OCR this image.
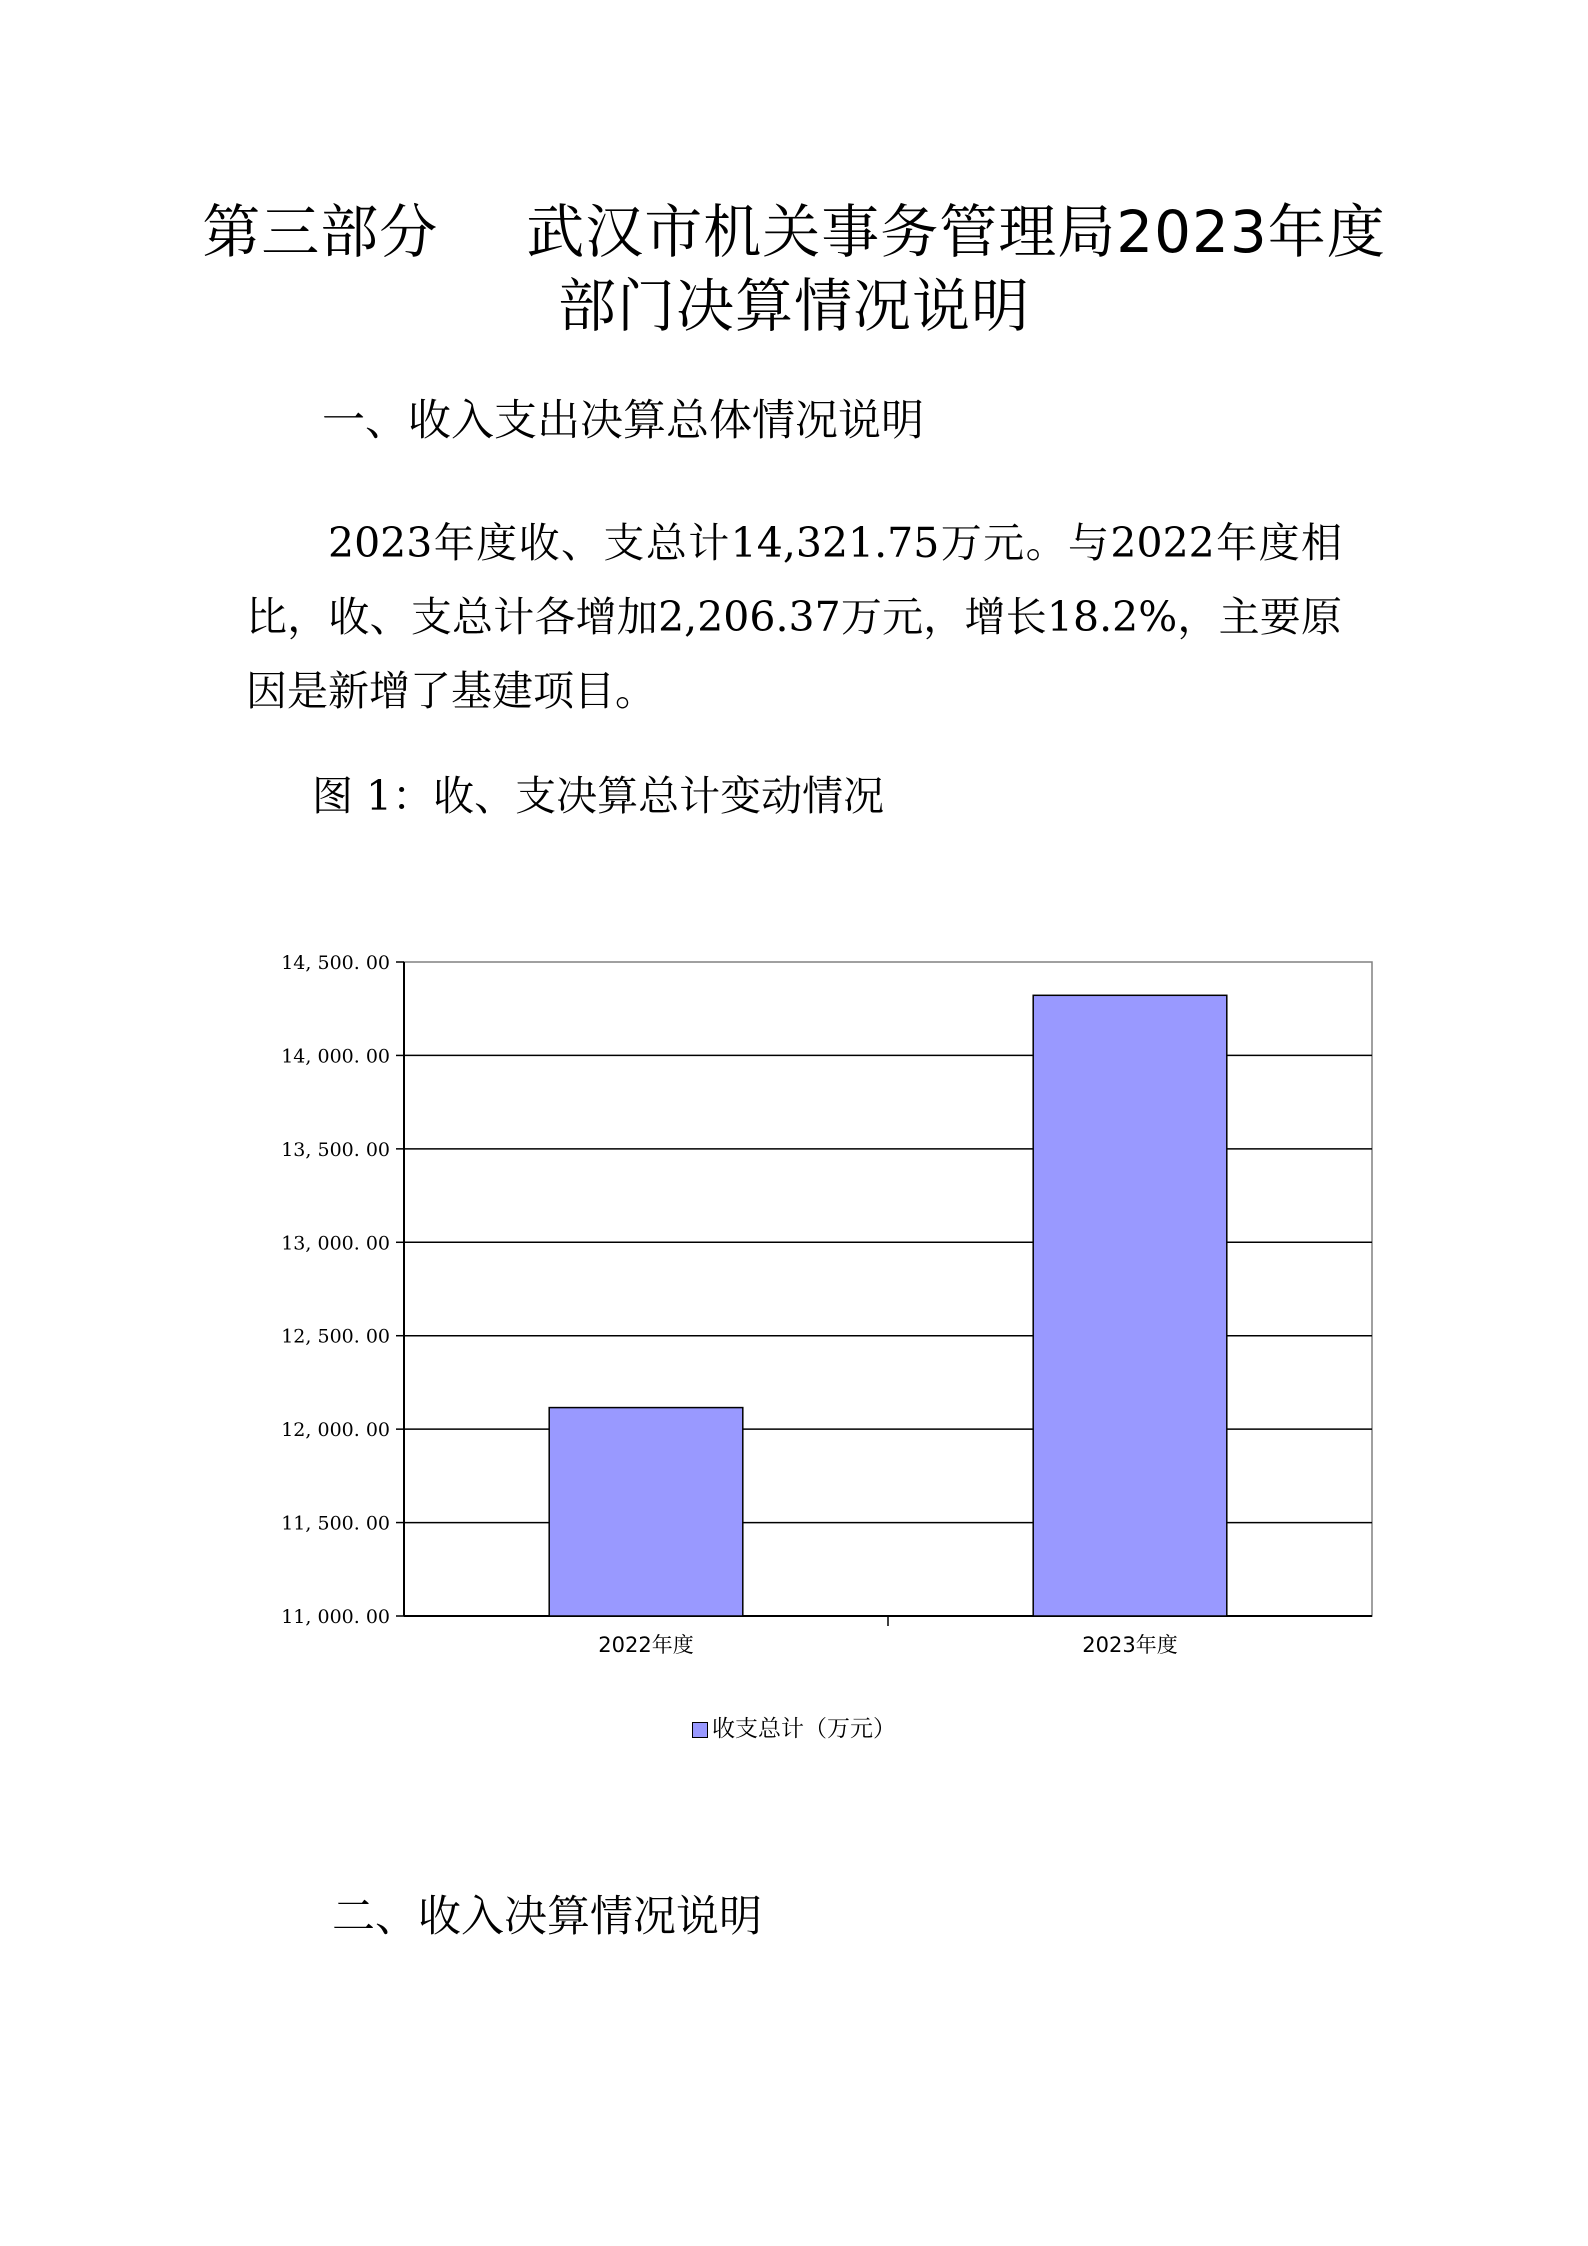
第三部分 武汉市机关事务管理局2023年度
部门决算情况说明
一、收入支出决算总体情况说明

2023年度收、支总计14,321.75万元。与2022年度相比，收、支总计各增加2,206.37万元，增长18.2%，主要原因是新增了基建项目。

图 1：收、支决算总计变动情况

11, 000. 00
11, 500. 00
12, 000. 00
12, 500. 00
13, 000. 00
13, 500. 00
14, 000. 00
14, 500. 00
2022年度	2023年度
收支总计（万元）
二、收入决算情况说明
